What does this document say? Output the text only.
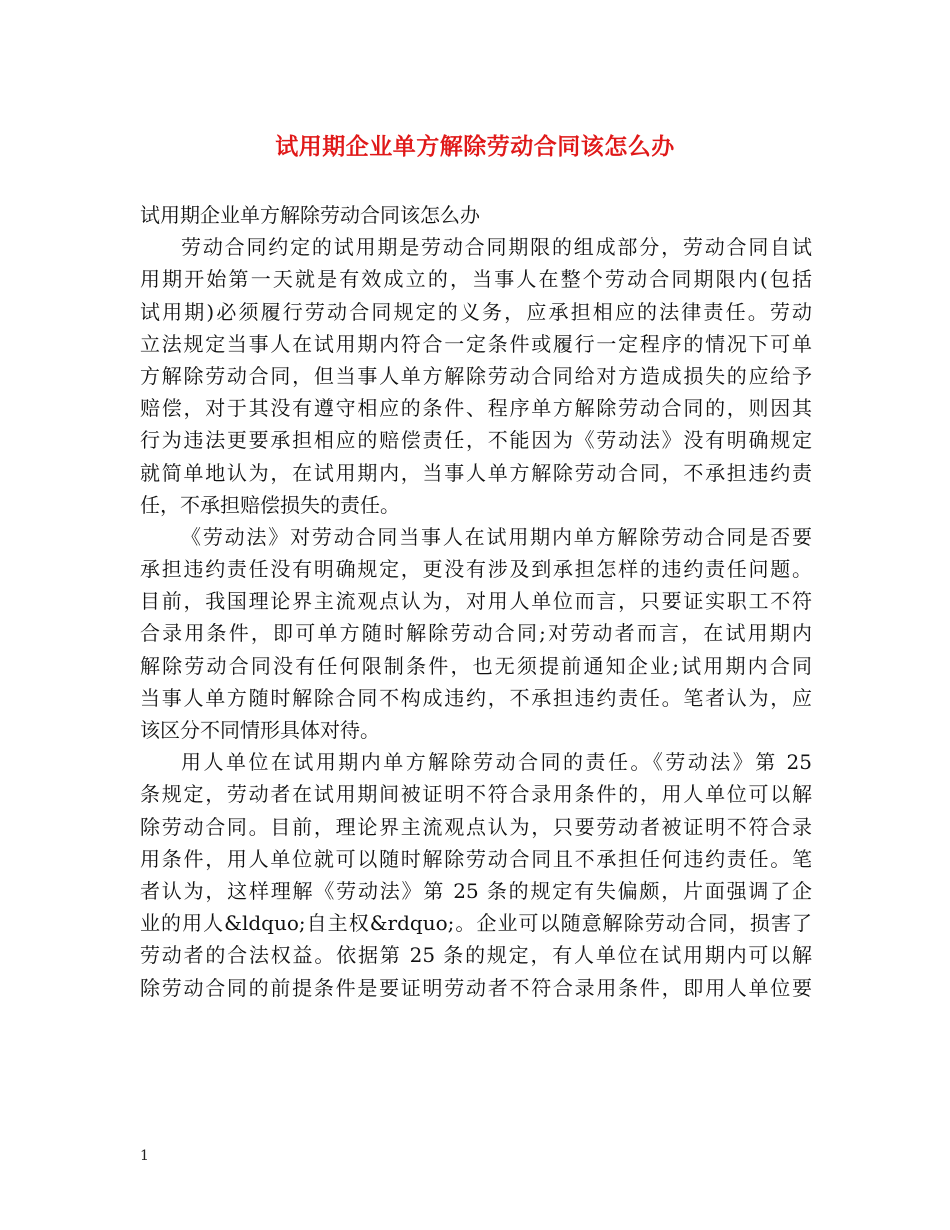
试用期企业单方解除劳动合同该怎么办
试用期企业单方解除劳动合同该怎么办
劳动合同约定的试用期是劳动合同期限的组成部分，劳动合同自试
用期开始第一天就是有效成立的，当事人在整个劳动合同期限内(包括
试用期)必须履行劳动合同规定的义务，应承担相应的法律责任。劳动
立法规定当事人在试用期内符合一定条件或履行一定程序的情况下可单
方解除劳动合同，但当事人单方解除劳动合同给对方造成损失的应给予
赔偿，对于其没有遵守相应的条件、程序单方解除劳动合同的，则因其
行为违法更要承担相应的赔偿责任，不能因为《劳动法》没有明确规定
就简单地认为，在试用期内，当事人单方解除劳动合同，不承担违约责
任，不承担赔偿损失的责任。
《劳动法》对劳动合同当事人在试用期内单方解除劳动合同是否要
承担违约责任没有明确规定，更没有涉及到承担怎样的违约责任问题。
目前，我国理论界主流观点认为，对用人单位而言，只要证实职工不符
合录用条件，即可单方随时解除劳动合同;对劳动者而言，在试用期内
解除劳动合同没有任何限制条件，也无须提前通知企业;试用期内合同
当事人单方随时解除合同不构成违约，不承担违约责任。笔者认为，应
该区分不同情形具体对待。
用人单位在试用期内单方解除劳动合同的责任。《劳动法》第 25
条规定，劳动者在试用期间被证明不符合录用条件的，用人单位可以解
除劳动合同。目前，理论界主流观点认为，只要劳动者被证明不符合录
用条件，用人单位就可以随时解除劳动合同且不承担任何违约责任。笔
者认为，这样理解《劳动法》第 25 条的规定有失偏颇，片面强调了企
业的用人&ldquo;自主权&rdquo;。企业可以随意解除劳动合同，损害了
劳动者的合法权益。依据第 25 条的规定，有人单位在试用期内可以解
除劳动合同的前提条件是要证明劳动者不符合录用条件，即用人单位要
1
